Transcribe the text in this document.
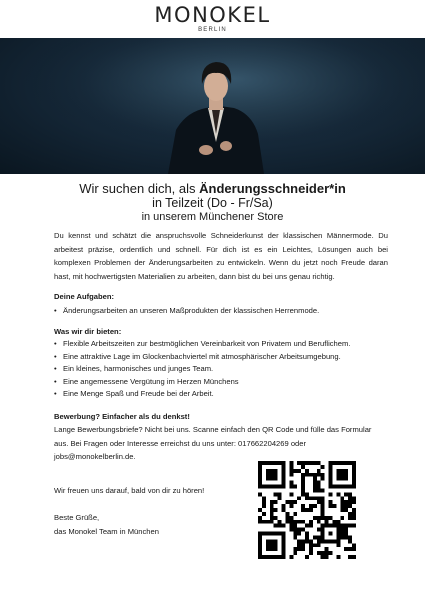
MONOKEL
BERLIN
Wir suchen dich, als Änderungsschneider*in
in Teilzeit (Do - Fr/Sa)
in unserem Münchener Store
Du kennst und schätzt die anspruchsvolle Schneiderkunst der klassischen Männermode. Du arbeitest präzise, ordentlich und schnell. Für dich ist es ein Leichtes, Lösungen auch bei komplexen Problemen der Änderungsarbeiten zu entwickeln. Wenn du jetzt noch Freude daran hast, mit hochwertigsten Materialien zu arbeiten, dann bist du bei uns genau richtig.
Deine Aufgaben:
• Änderungsarbeiten an unseren Maßprodukten der klassischen Herrenmode.
Was wir dir bieten:
• Flexible Arbeitszeiten zur bestmöglichen Vereinbarkeit von Privatem und Beruflichem.
• Eine attraktive Lage im Glockenbachviertel mit atmosphärischer Arbeitsumgebung.
• Ein kleines, harmonisches und junges Team.
• Eine angemessene Vergütung im Herzen Münchens
• Eine Menge Spaß und Freude bei der Arbeit.
Bewerbung? Einfacher als du denkst!
Lange Bewerbungsbriefe? Nicht bei uns. Scanne einfach den QR Code und fülle das Formular
aus. Bei Fragen oder Interesse erreichst du uns unter: 017662204269 oder
jobs@monokelberlin.de.
Wir freuen uns darauf, bald von dir zu hören!
Beste Grüße,
das Monokel Team in München
